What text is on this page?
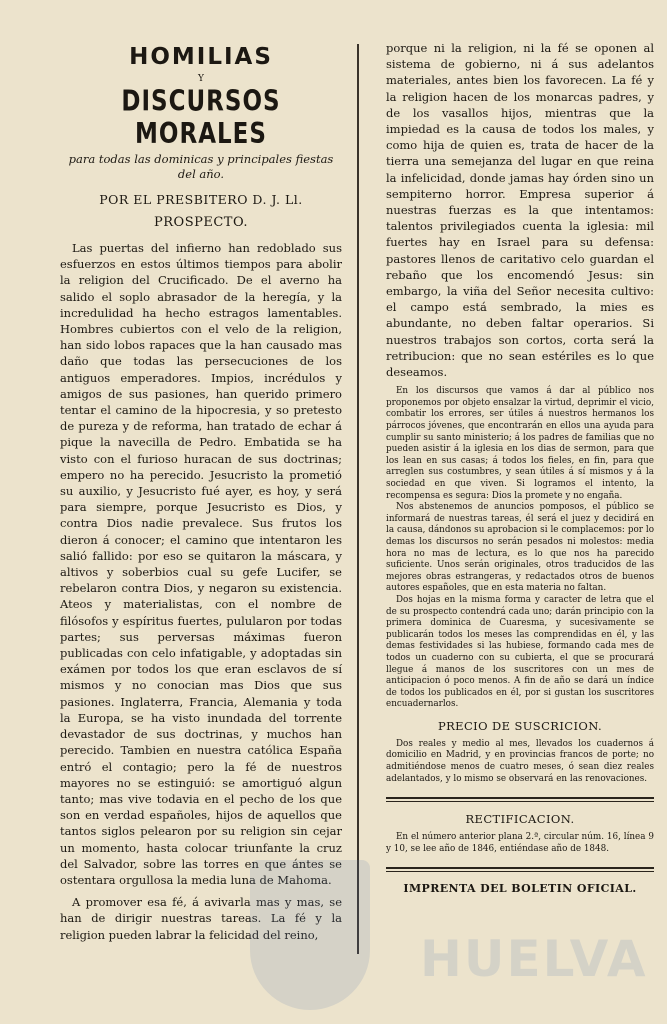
HOMILIAS
Y
DISCURSOS MORALES
para todas las dominicas y principales fiestas del año.
POR EL PRESBITERO D. J. Ll.
PROSPECTO.

Las puertas del infierno han redoblado sus esfuerzos en estos últimos tiempos para abolir la religion del Crucificado. De el averno ha salido el soplo abrasador de la heregía, y la incredulidad ha hecho estragos lamentables. Hombres cubiertos con el velo de la religion, han sido lobos rapaces que la han causado mas daño que todas las persecuciones de los antiguos emperadores. Impios, incrédulos y amigos de sus pasiones, han querido primero tentar el camino de la hipocresia, y so pretesto de pureza y de reforma, han tratado de echar á pique la navecilla de Pedro. Embatida se ha visto con el furioso huracan de sus doctrinas; empero no ha perecido. Jesucristo la prometió su auxilio, y Jesucristo fué ayer, es hoy, y será para siempre, porque Jesucristo es Dios, y contra Dios nadie prevalece. Sus frutos los dieron á conocer; el camino que intentaron les salió fallido: por eso se quitaron la máscara, y altivos y soberbios cual su gefe Lucifer, se rebelaron contra Dios, y negaron su existencia. Ateos y materialistas, con el nombre de filósofos y espíritus fuertes, pulularon por todas partes; sus perversas máximas fueron publicadas con celo infatigable, y adoptadas sin exámen por todos los que eran esclavos de sí mismos y no conocian mas Dios que sus pasiones. Inglaterra, Francia, Alemania y toda la Europa, se ha visto inundada del torrente devastador de sus doctrinas, y muchos han perecido. Tambien en nuestra católica España entró el contagio; pero la fé de nuestros mayores no se estinguió: se amortiguó algun tanto; mas vive todavia en el pecho de los que son en verdad españoles, hijos de aquellos que tantos siglos pelearon por su religion sin cejar un momento, hasta colocar triunfante la cruz del Salvador, sobre las torres en que ántes se ostentara orgullosa la media luna de Mahoma.

A promover esa fé, á avivarla mas y mas, se han de dirigir nuestras tareas. La fé y la religion pueden labrar la felicidad del reino,

porque ni la religion, ni la fé se oponen al sistema de gobierno, ni á sus adelantos materiales, antes bien los favorecen. La fé y la religion hacen de los monarcas padres, y de los vasallos hijos, mientras que la impiedad es la causa de todos los males, y como hija de quien es, trata de hacer de la tierra una semejanza del lugar en que reina la infelicidad, donde jamas hay órden sino un sempiterno horror. Empresa superior á nuestras fuerzas es la que intentamos: talentos privilegiados cuenta la iglesia: mil fuertes hay en Israel para su defensa: pastores llenos de caritativo celo guardan el rebaño que los encomendó Jesus: sin embargo, la viña del Señor necesita cultivo: el campo está sembrado, la mies es abundante, no deben faltar operarios. Si nuestros trabajos son cortos, corta será la retribucion: que no sean estériles es lo que deseamos.

En los discursos que vamos á dar al público nos proponemos por objeto ensalzar la virtud, deprimir el vicio, combatir los errores, ser útiles á nuestros hermanos los párrocos jóvenes, que encontrarán en ellos una ayuda para cumplir su santo ministerio; á los padres de familias que no pueden asistir á la iglesia en los dias de sermon, para que los lean en sus casas; á todos los fieles, en fin, para que arreglen sus costumbres, y sean útiles á sí mismos y á la sociedad en que viven. Si logramos el intento, la recompensa es segura: Dios la promete y no engaña.

Nos abstenemos de anuncios pomposos, el público se informará de nuestras tareas, él será el juez y decidirá en la causa, dándonos su aprobacion si le complacemos: por lo demas los discursos no serán pesados ni molestos: media hora no mas de lectura, es lo que nos ha parecido suficiente. Unos serán originales, otros traducidos de las mejores obras estrangeras, y redactados otros de buenos autores españoles, que en esta materia no faltan.

Dos hojas en la misma forma y caracter de letra que el de su prospecto contendrá cada uno; darán principio con la primera dominica de Cuaresma, y sucesivamente se publicarán todos los meses las comprendidas en él, y las demas festividades si las hubiese, formando cada mes de todos un cuaderno con su cubierta, el que se procurará llegue á manos de los suscritores con un mes de anticipacion ó poco menos. A fin de año se dará un índice de todos los publicados en él, por si gustan los suscritores encuadernarlos.

PRECIO DE SUSCRICION.

Dos reales y medio al mes, llevados los cuadernos á domicilio en Madrid, y en provincias francos de porte; no admitiéndose menos de cuatro meses, ó sean diez reales adelantados, y lo mismo se observará en las renovaciones.

RECTIFICACION.

En el número anterior plana 2.ª, circular núm. 16, línea 9 y 10, se lee año de 1846, entiéndase año de 1848.

IMPRENTA DEL BOLETIN OFICIAL.
HUELVA
